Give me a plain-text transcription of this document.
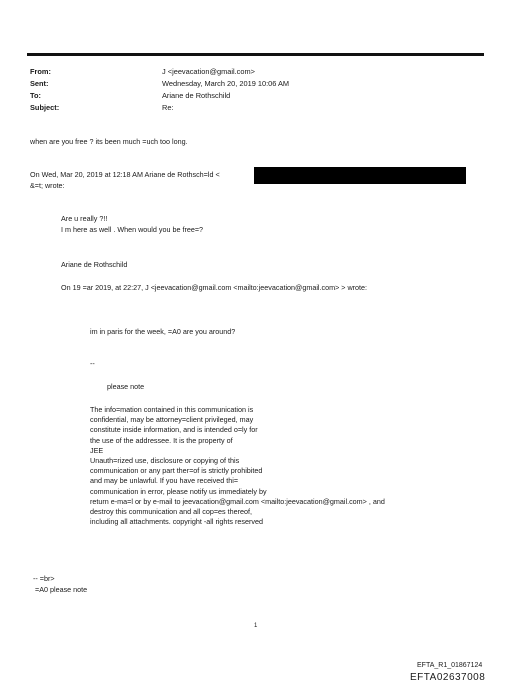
From:
Sent:
To:
Subject:
J <jeevacation@gmail.com>
Wednesday, March 20, 2019 10:06 AM
Ariane de Rothschild
Re:
when are you free ? its been much =uch too long.
On Wed, Mar 20, 2019 at 12:18 AM Ariane de Rothsch=ld <
&=t; wrote:
Are u really ?!!
I m here as well . When would you be free=?
Ariane de Rothschild
On 19 =ar 2019, at 22:27, J <jeevacation@gmail.com <mailto:jeevacation@gmail.com> > wrote:
im in paris for the week, =A0 are you around?
--
please note
The info=mation contained in this communication is
confidential, may be attorney=client privileged, may
constitute inside information, and is intended o=ly for
the use of the addressee. It is the property of
JEE
Unauth=rized use, disclosure or copying of this
communication or any part ther=of is strictly prohibited
and may be unlawful. If you have received thi=
communication in error, please notify us immediately by
return e-ma=l or by e-mail to jeevacation@gmail.com <mailto:jeevacation@gmail.com> , and
destroy this communication and all cop=es thereof,
including all attachments. copyright -all rights reserved
-- =br>
=A0 please note
1
EFTA_R1_01867124
EFTA02637008
